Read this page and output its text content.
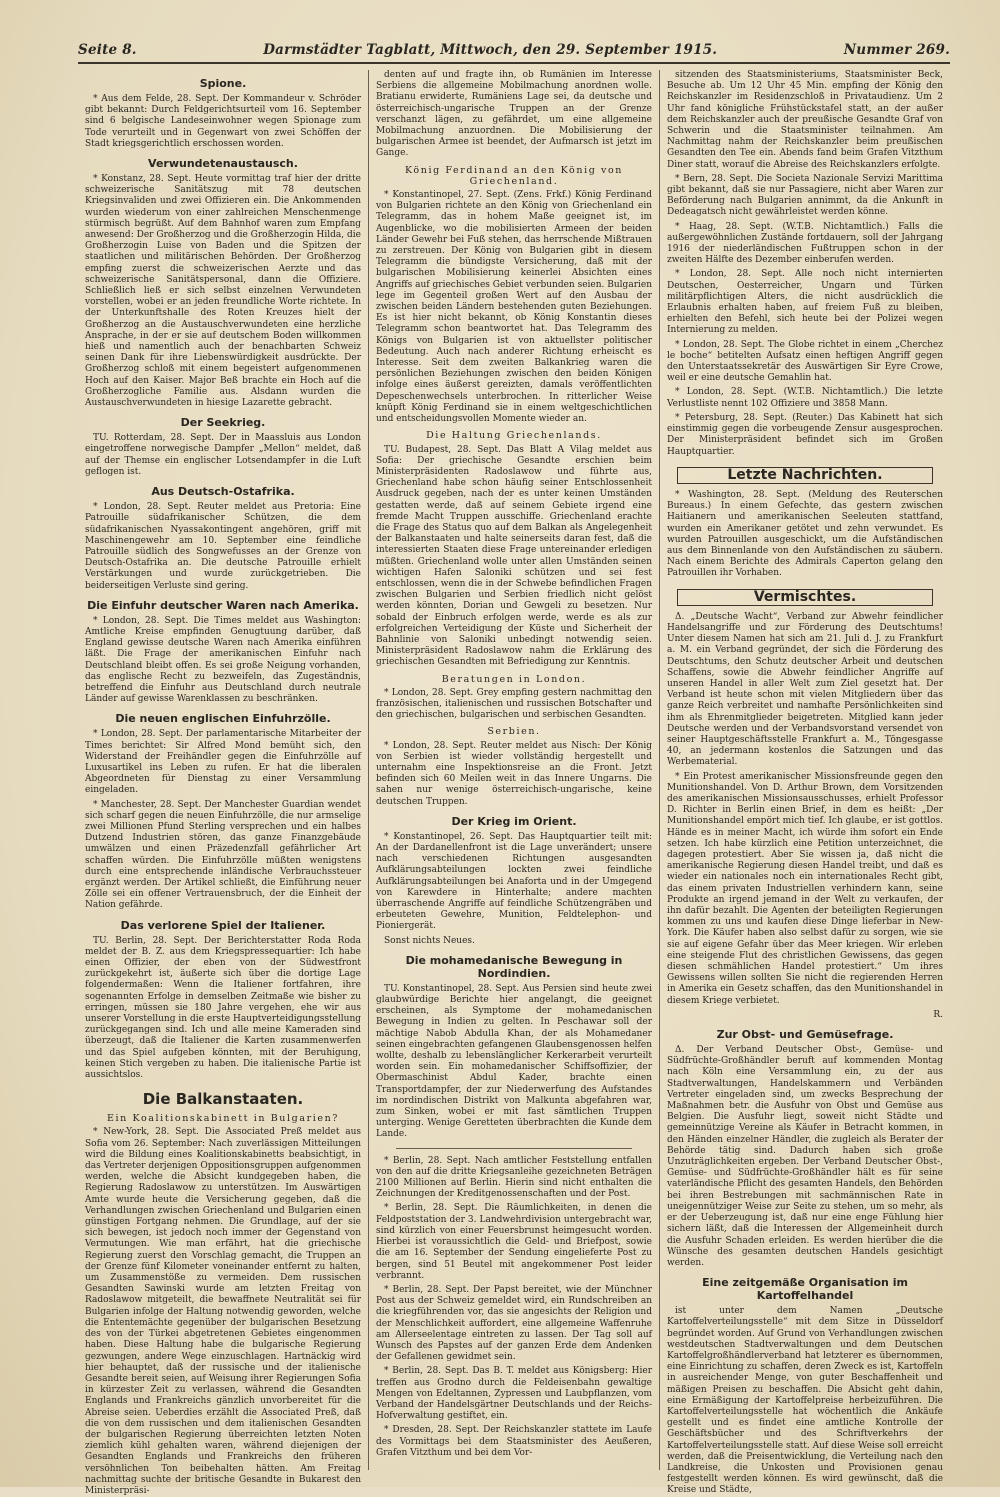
Seite 8.	Darmstädter Tagblatt, Mittwoch, den 29. September 1915.	Nummer 269.
Spione.

* Aus dem Felde, 28. Sept. Der Kommandeur v. Schröder gibt bekannt: Durch Feldgerichtsurteil vom 16. September sind 6 belgische Landeseinwohner wegen Spionage zum Tode verurteilt und in Gegenwart von zwei Schöffen der Stadt kriegsgerichtlich erschossen worden.

Verwundetenaustausch.

* Konstanz, 28. Sept. Heute vormittag traf hier der dritte schweizerische Sanitätszug mit 78 deutschen Kriegsinvaliden und zwei Offizieren ein. Die Ankommenden wurden wiederum von einer zahlreichen Menschenmenge stürmisch begrüßt. Auf dem Bahnhof waren zum Empfang anwesend: Der Großherzog und die Großherzogin Hilda, die Großherzogin Luise von Baden und die Spitzen der staatlichen und militärischen Behörden. Der Großherzog empfing zuerst die schweizerischen Aerzte und das schweizerische Sanitätspersonal, dann die Offiziere. Schließlich ließ er sich selbst einzelnen Verwundeten vorstellen, wobei er an jeden freundliche Worte richtete. In der Unterkunftshalle des Roten Kreuzes hielt der Großherzog an die Austauschverwundeten eine herzliche Ansprache, in der er sie auf deutschem Boden willkommen hieß und namentlich auch der benachbarten Schweiz seinen Dank für ihre Liebenswürdigkeit ausdrückte. Der Großherzog schloß mit einem begeistert aufgenommenen Hoch auf den Kaiser. Major Beß brachte ein Hoch auf die Großherzogliche Familie aus. Alsdann wurden die Austauschverwundeten in hiesige Lazarette gebracht.

Der Seekrieg.

TU. Rotterdam, 28. Sept. Der in Maassluis aus London eingetroffene norwegische Dampfer „Mellon“ meldet, daß auf der Themse ein englischer Lotsendampfer in die Luft geflogen ist.

Aus Deutsch-Ostafrika.

* London, 28. Sept. Reuter meldet aus Pretoria: Eine Patrouille südafrikanischer Schützen, die dem südafrikanischen Nyassakontingent angehören, griff mit Maschinengewehr am 10. September eine feindliche Patrouille südlich des Songwefusses an der Grenze von Deutsch-Ostafrika an. Die deutsche Patrouille erhielt Verstärkungen und wurde zurückgetrieben. Die beiderseitigen Verluste sind gering.

Die Einfuhr deutscher Waren nach Amerika.

* London, 28. Sept. Die Times meldet aus Washington: Amtliche Kreise empfinden Genugtuung darüber, daß England gewisse deutsche Waren nach Amerika einführen läßt. Die Frage der amerikanischen Einfuhr nach Deutschland bleibt offen. Es sei große Neigung vorhanden, das englische Recht zu bezweifeln, das Zugeständnis, betreffend die Einfuhr aus Deutschland durch neutrale Länder auf gewisse Warenklassen zu beschränken.

Die neuen englischen Einfuhrzölle.

* London, 28. Sept. Der parlamentarische Mitarbeiter der Times berichtet: Sir Alfred Mond bemüht sich, den Widerstand der Freihändler gegen die Einfuhrzölle auf Luxusartikel ins Leben zu rufen. Er hat die liberalen Abgeordneten für Dienstag zu einer Versammlung eingeladen.

* Manchester, 28. Sept. Der Manchester Guardian wendet sich scharf gegen die neuen Einfuhrzölle, die nur armselige zwei Millionen Pfund Sterling versprechen und ein halbes Dutzend Industrien stören, das ganze Finanzgebäude umwälzen und einen Präzedenzfall gefährlicher Art schaffen würden. Die Einfuhrzölle müßten wenigstens durch eine entsprechende inländische Verbrauchssteuer ergänzt werden. Der Artikel schließt, die Einführung neuer Zölle sei ein offener Vertrauensbruch, der die Einheit der Nation gefährde.

Das verlorene Spiel der Italiener.

TU. Berlin, 28. Sept. Der Berichterstatter Roda Roda meldet der B. Z. aus dem Kriegspressequartier: Ich habe einen Offizier, der eben von der Südwestfront zurückgekehrt ist, äußerte sich über die dortige Lage folgendermaßen: Wenn die Italiener fortfahren, ihre sogenannten Erfolge in demselben Zeitmaße wie bisher zu erringen, müssen sie 180 Jahre vergehen, ehe wir aus unserer Vorstellung in die erste Hauptverteidigungsstellung zurückgegangen sind. Ich und alle meine Kameraden sind überzeugt, daß die Italiener die Karten zusammenwerfen und das Spiel aufgeben könnten, mit der Beruhigung, keinen Stich vergeben zu haben. Die italienische Partie ist aussichtslos.

Die Balkanstaaten.
Ein Koalitionskabinett in Bulgarien?

* New-York, 28. Sept. Die Associated Preß meldet aus Sofia vom 26. September: Nach zuverlässigen Mitteilungen wird die Bildung eines Koalitionskabinetts beabsichtigt, in das Vertreter derjenigen Oppositionsgruppen aufgenommen werden, welche die Absicht kundgegeben haben, die Regierung Radoslawow zu unterstützen. Im Auswärtigen Amte wurde heute die Versicherung gegeben, daß die Verhandlungen zwischen Griechenland und Bulgarien einen günstigen Fortgang nehmen. Die Grundlage, auf der sie sich bewegen, ist jedoch noch immer der Gegenstand von Vermutungen. Wie man erfährt, hat die griechische Regierung zuerst den Vorschlag gemacht, die Truppen an der Grenze fünf Kilometer voneinander entfernt zu halten, um Zusammenstöße zu vermeiden. Dem russischen Gesandten Sawinski wurde am letzten Freitag von Radoslawow mitgeteilt, die bewaffnete Neutralität sei für Bulgarien infolge der Haltung notwendig geworden, welche die Ententemächte gegenüber der bulgarischen Besetzung des von der Türkei abgetretenen Gebietes eingenommen haben. Diese Haltung habe die bulgarische Regierung gezwungen, andere Wege einzuschlagen. Hartnäckig wird hier behauptet, daß der russische und der italienische Gesandte bereit seien, auf Weisung ihrer Regierungen Sofia in kürzester Zeit zu verlassen, während die Gesandten Englands und Frankreichs gänzlich unvorbereitet für die Abreise seien. Ueberdies erzählt die Associated Preß, daß die von dem russischen und dem italienischen Gesandten der bulgarischen Regierung überreichten letzten Noten ziemlich kühl gehalten waren, während diejenigen der Gesandten Englands und Frankreichs den früheren versöhnlichen Ton beibehalten hätten. Am Freitag nachmittag suchte der britische Gesandte in Bukarest den Ministerpräsi-

denten auf und fragte ihn, ob Rumänien im Interesse Serbiens die allgemeine Mobilmachung anordnen wolle. Bratianu erwiderte, Rumäniens Lage sei, da deutsche und österreichisch-ungarische Truppen an der Grenze verschanzt lägen, zu gefährdet, um eine allgemeine Mobilmachung anzuordnen. Die Mobilisierung der bulgarischen Armee ist beendet, der Aufmarsch ist jetzt im Gange.

König Ferdinand an den König von Griechenland.

* Konstantinopel, 27. Sept. (Zens. Frkf.) König Ferdinand von Bulgarien richtete an den König von Griechenland ein Telegramm, das in hohem Maße geeignet ist, im Augenblicke, wo die mobilisierten Armeen der beiden Länder Gewehr bei Fuß stehen, das herrschende Mißtrauen zu zerstreuen. Der König von Bulgarien gibt in diesem Telegramm die bündigste Versicherung, daß mit der bulgarischen Mobilisierung keinerlei Absichten eines Angriffs auf griechisches Gebiet verbunden seien. Bulgarien lege im Gegenteil großen Wert auf den Ausbau der zwischen beiden Ländern bestehenden guten Beziehungen. Es ist hier nicht bekannt, ob König Konstantin dieses Telegramm schon beantwortet hat. Das Telegramm des Königs von Bulgarien ist von aktuellster politischer Bedeutung. Auch nach anderer Richtung erheischt es Interesse. Seit dem zweiten Balkankrieg waren die persönlichen Beziehungen zwischen den beiden Königen infolge eines äußerst gereizten, damals veröffentlichten Depeschenwechsels unterbrochen. In ritterlicher Weise knüpft König Ferdinand sie in einem weltgeschichtlichen und entscheidungsvollen Momente wieder an.

Die Haltung Griechenlands.

TU. Budapest, 28. Sept. Das Blatt A Vilag meldet aus Sofia: Der griechische Gesandte erschien beim Ministerpräsidenten Radoslawow und führte aus, Griechenland habe schon häufig seiner Entschlossenheit Ausdruck gegeben, nach der es unter keinen Umständen gestatten werde, daß auf seinem Gebiete irgend eine fremde Macht Truppen ausschiffe. Griechenland erachte die Frage des Status quo auf dem Balkan als Angelegenheit der Balkanstaaten und halte seinerseits daran fest, daß die interessierten Staaten diese Frage untereinander erledigen müßten. Griechenland wolle unter allen Umständen seinen wichtigen Hafen Saloniki schützen und sei fest entschlossen, wenn die in der Schwebe befindlichen Fragen zwischen Bulgarien und Serbien friedlich nicht gelöst werden könnten, Dorian und Gewgeli zu besetzen. Nur sobald der Einbruch erfolgen werde, werde es als zur erfolgreichen Verteidigung der Küste und Sicherheit der Bahnlinie von Saloniki unbedingt notwendig seien. Ministerpräsident Radoslawow nahm die Erklärung des griechischen Gesandten mit Befriedigung zur Kenntnis.

Beratungen in London.

* London, 28. Sept. Grey empfing gestern nachmittag den französischen, italienischen und russischen Botschafter und den griechischen, bulgarischen und serbischen Gesandten.

Serbien.

* London, 28. Sept. Reuter meldet aus Nisch: Der König von Serbien ist wieder vollständig hergestellt und unternahm eine Inspektionsreise an die Front. Jetzt befinden sich 60 Meilen weit in das Innere Ungarns. Die sahen nur wenige österreichisch-ungarische, keine deutschen Truppen.

Der Krieg im Orient.

* Konstantinopel, 26. Sept. Das Hauptquartier teilt mit: An der Dardanellenfront ist die Lage unverändert; unsere nach verschiedenen Richtungen ausgesandten Aufklärungsabteilungen lockten zwei feindliche Aufklärungsabteilungen bei Anaforta und in der Umgegend von Karewdere in Hinterhalte; andere machten überraschende Angriffe auf feindliche Schützengräben und erbeuteten Gewehre, Munition, Feldtelephon- und Pioniergerät.

Sonst nichts Neues.

Die mohamedanische Bewegung in Nordindien.

TU. Konstantinopel, 28. Sept. Aus Persien sind heute zwei glaubwürdige Berichte hier angelangt, die geeignet erscheinen, als Symptome der mohamedanischen Bewegung in Indien zu gelten. In Peschawar soll der mächtige Nabob Abdulla Khan, der als Mohamedaner seinen eingebrachten gefangenen Glaubensgenossen helfen wollte, deshalb zu lebenslänglicher Kerkerarbeit verurteilt worden sein. Ein mohamedanischer Schiffsoffizier, der Obermaschinist Abdul Kader, brachte einen Transportdampfer, der zur Niederwerfung des Aufstandes im nordindischen Distrikt von Malkunta abgefahren war, zum Sinken, wobei er mit fast sämtlichen Truppen unterging. Wenige Geretteten überbrachten die Kunde dem Lande.

* Berlin, 28. Sept. Nach amtlicher Feststellung entfallen von den auf die dritte Kriegsanleihe gezeichneten Beträgen 2100 Millionen auf Berlin. Hierin sind nicht enthalten die Zeichnungen der Kreditgenossenschaften und der Post.

* Berlin, 28. Sept. Die Räumlichkeiten, in denen die Feldpoststation der 3. Landwehrdivision untergebracht war, sind kürzlich von einer Feuersbrunst heimgesucht worden. Hierbei ist voraussichtlich die Geld- und Briefpost, sowie die am 16. September der Sendung eingelieferte Post zu bergen, sind 51 Beutel mit angekommener Post leider verbrannt.

* Berlin, 28. Sept. Der Papst bereitet, wie der Münchner Post aus der Schweiz gemeldet wird, ein Rundschreiben an die kriegführenden vor, das sie angesichts der Religion und der Menschlichkeit auffordert, eine allgemeine Waffenruhe am Allerseelentage eintreten zu lassen. Der Tag soll auf Wunsch des Papstes auf der ganzen Erde dem Andenken der Gefallenen gewidmet sein.

* Berlin, 28. Sept. Das B. T. meldet aus Königsberg: Hier treffen aus Grodno durch die Feldeisenbahn gewaltige Mengen von Edeltannen, Zypressen und Laubpflanzen, vom Verband der Handelsgärtner Deutschlands und der Reichs-Hofverwaltung gestiftet, ein.

* Dresden, 28. Sept. Der Reichskanzler stattete im Laufe des Vormittags bei dem Staatsminister des Aeußeren, Grafen Vitzthum und bei dem Vor-

sitzenden des Staatsministeriums, Staatsminister Beck, Besuche ab. Um 12 Uhr 45 Min. empfing der König den Reichskanzler im Residenzschloß in Privataudienz. Um 2 Uhr fand königliche Frühstückstafel statt, an der außer dem Reichskanzler auch der preußische Gesandte Graf von Schwerin und die Staatsminister teilnahmen. Am Nachmittag nahm der Reichskanzler beim preußischen Gesandten den Tee ein. Abends fand beim Grafen Vitzthum Diner statt, worauf die Abreise des Reichskanzlers erfolgte.

* Bern, 28. Sept. Die Societa Nazionale Servizi Marittima gibt bekannt, daß sie nur Passagiere, nicht aber Waren zur Beförderung nach Bulgarien annimmt, da die Ankunft in Dedeagatsch nicht gewährleistet werden könne.

* Haag, 28. Sept. (W.T.B. Nichtamtlich.) Falls die außergewöhnlichen Zustände fortdauern, soll der Jahrgang 1916 der niederländischen Fußtruppen schon in der zweiten Hälfte des Dezember einberufen werden.

* London, 28. Sept. Alle noch nicht internierten Deutschen, Oesterreicher, Ungarn und Türken militärpflichtigen Alters, die nicht ausdrücklich die Erlaubnis erhalten haben, auf freiem Fuß zu bleiben, erhielten den Befehl, sich heute bei der Polizei wegen Internierung zu melden.

* London, 28. Sept. The Globe richtet in einem „Cherchez le boche“ betitelten Aufsatz einen heftigen Angriff gegen den Unterstaatssekretär des Auswärtigen Sir Eyre Crowe, weil er eine deutsche Gemahlin hat.

* London, 28. Sept. (W.T.B. Nichtamtlich.) Die letzte Verlustliste nennt 102 Offiziere und 3858 Mann.

* Petersburg, 28. Sept. (Reuter.) Das Kabinett hat sich einstimmig gegen die vorbeugende Zensur ausgesprochen. Der Ministerpräsident befindet sich im Großen Hauptquartier.

Letzte Nachrichten.

* Washington, 28. Sept. (Meldung des Reuterschen Bureaus.) In einem Gefechte, das gestern zwischen Haitianern und amerikanischen Seeleuten stattfand, wurden ein Amerikaner getötet und zehn verwundet. Es wurden Patrouillen ausgeschickt, um die Aufständischen aus dem Binnenlande von den Aufständischen zu säubern. Nach einem Berichte des Admirals Caperton gelang den Patrouillen ihr Vorhaben.

Vermischtes.

Δ. „Deutsche Wacht“, Verband zur Abwehr feindlicher Handelsangriffe und zur Förderung des Deutschtums! Unter diesem Namen hat sich am 21. Juli d. J. zu Frankfurt a. M. ein Verband gegründet, der sich die Förderung des Deutschtums, den Schutz deutscher Arbeit und deutschen Schaffens, sowie die Abwehr feindlicher Angriffe auf unseren Handel in aller Welt zum Ziel gesetzt hat. Der Verband ist heute schon mit vielen Mitgliedern über das ganze Reich verbreitet und namhafte Persönlichkeiten sind ihm als Ehrenmitglieder beigetreten. Mitglied kann jeder Deutsche werden und der Verbandsvorstand versendet von seiner Hauptgeschäftsstelle Frankfurt a. M., Töngesgasse 40, an jedermann kostenlos die Satzungen und das Werbematerial.

* Ein Protest amerikanischer Missionsfreunde gegen den Munitionshandel. Von D. Arthur Brown, dem Vorsitzenden des amerikanischen Missionsausschusses, erhielt Professor D. Richter in Berlin einen Brief, in dem es heißt: „Der Munitionshandel empört mich tief. Ich glaube, er ist gottlos. Hände es in meiner Macht, ich würde ihm sofort ein Ende setzen. Ich habe kürzlich eine Petition unterzeichnet, die dagegen protestiert. Aber Sie wissen ja, daß nicht die amerikanische Regierung diesen Handel treibt, und daß es wieder ein nationales noch ein internationales Recht gibt, das einem privaten Industriellen verhindern kann, seine Produkte an irgend jemand in der Welt zu verkaufen, der ihn dafür bezahlt. Die Agenten der beteiligten Regierungen kommen zu uns und kaufen diese Dinge lieferbar in New-York. Die Käufer haben also selbst dafür zu sorgen, wie sie sie auf eigene Gefahr über das Meer kriegen. Wir erleben eine steigende Flut des christlichen Gewissens, das gegen diesen schmählichen Handel protestiert.“ Um ihres Gewissens willen sollten Sie nicht die regierenden Herren in Amerika ein Gesetz schaffen, das den Munitionshandel in diesem Kriege verbietet.

R.
Zur Obst- und Gemüsefrage.

Δ. Der Verband Deutscher Obst-, Gemüse- und Südfrüchte-Großhändler beruft auf kommenden Montag nach Köln eine Versammlung ein, zu der aus Stadtverwaltungen, Handelskammern und Verbänden Vertreter eingeladen sind, um zwecks Besprechung der Maßnahmen betr. die Ausfuhr von Obst und Gemüse aus Belgien. Die Ausfuhr liegt, soweit nicht Städte und gemeinnützige Vereine als Käufer in Betracht kommen, in den Händen einzelner Händler, die zugleich als Berater der Behörde tätig sind. Dadurch haben sich große Unzuträglichkeiten ergeben. Der Verband Deutscher Obst-, Gemüse- und Südfrüchte-Großhändler hält es für seine vaterländische Pflicht des gesamten Handels, den Behörden bei ihren Bestrebungen mit sachmännischen Rate in uneigennütziger Weise zur Seite zu stehen, um so mehr, als er der Ueberzeugung ist, daß nur eine enge Fühlung hier sichern läßt, daß die Interessen der Allgemeinheit durch die Ausfuhr Schaden erleiden. Es werden hierüber die die Wünsche des gesamten deutschen Handels gesichtigt werden.

Eine zeitgemäße Organisation im Kartoffelhandel

ist unter dem Namen „Deutsche Kartoffelverteilungsstelle“ mit dem Sitze in Düsseldorf begründet worden. Auf Grund von Verhandlungen zwischen westdeutschen Stadtverwaltungen und dem Deutschen Kartoffelgroßhändlerverband hat letzterer es übernommen, eine Einrichtung zu schaffen, deren Zweck es ist, Kartoffeln in ausreichender Menge, von guter Beschaffenheit und mäßigen Preisen zu beschaffen. Die Absicht geht dahin, eine Ermäßigung der Kartoffelpreise herbeizuführen. Die Kartoffelverteilungsstelle hat wöchentlich die Ankäufe gestellt und es findet eine amtliche Kontrolle der Geschäftsbücher und des Schriftverkehrs der Kartoffelverteilungsstelle statt. Auf diese Weise soll erreicht werden, daß die Preisentwicklung, die Verteilung nach den Landkreise, die Unkosten und Provisionen genau festgestellt werden können. Es wird gewünscht, daß die Kreise und Städte,
